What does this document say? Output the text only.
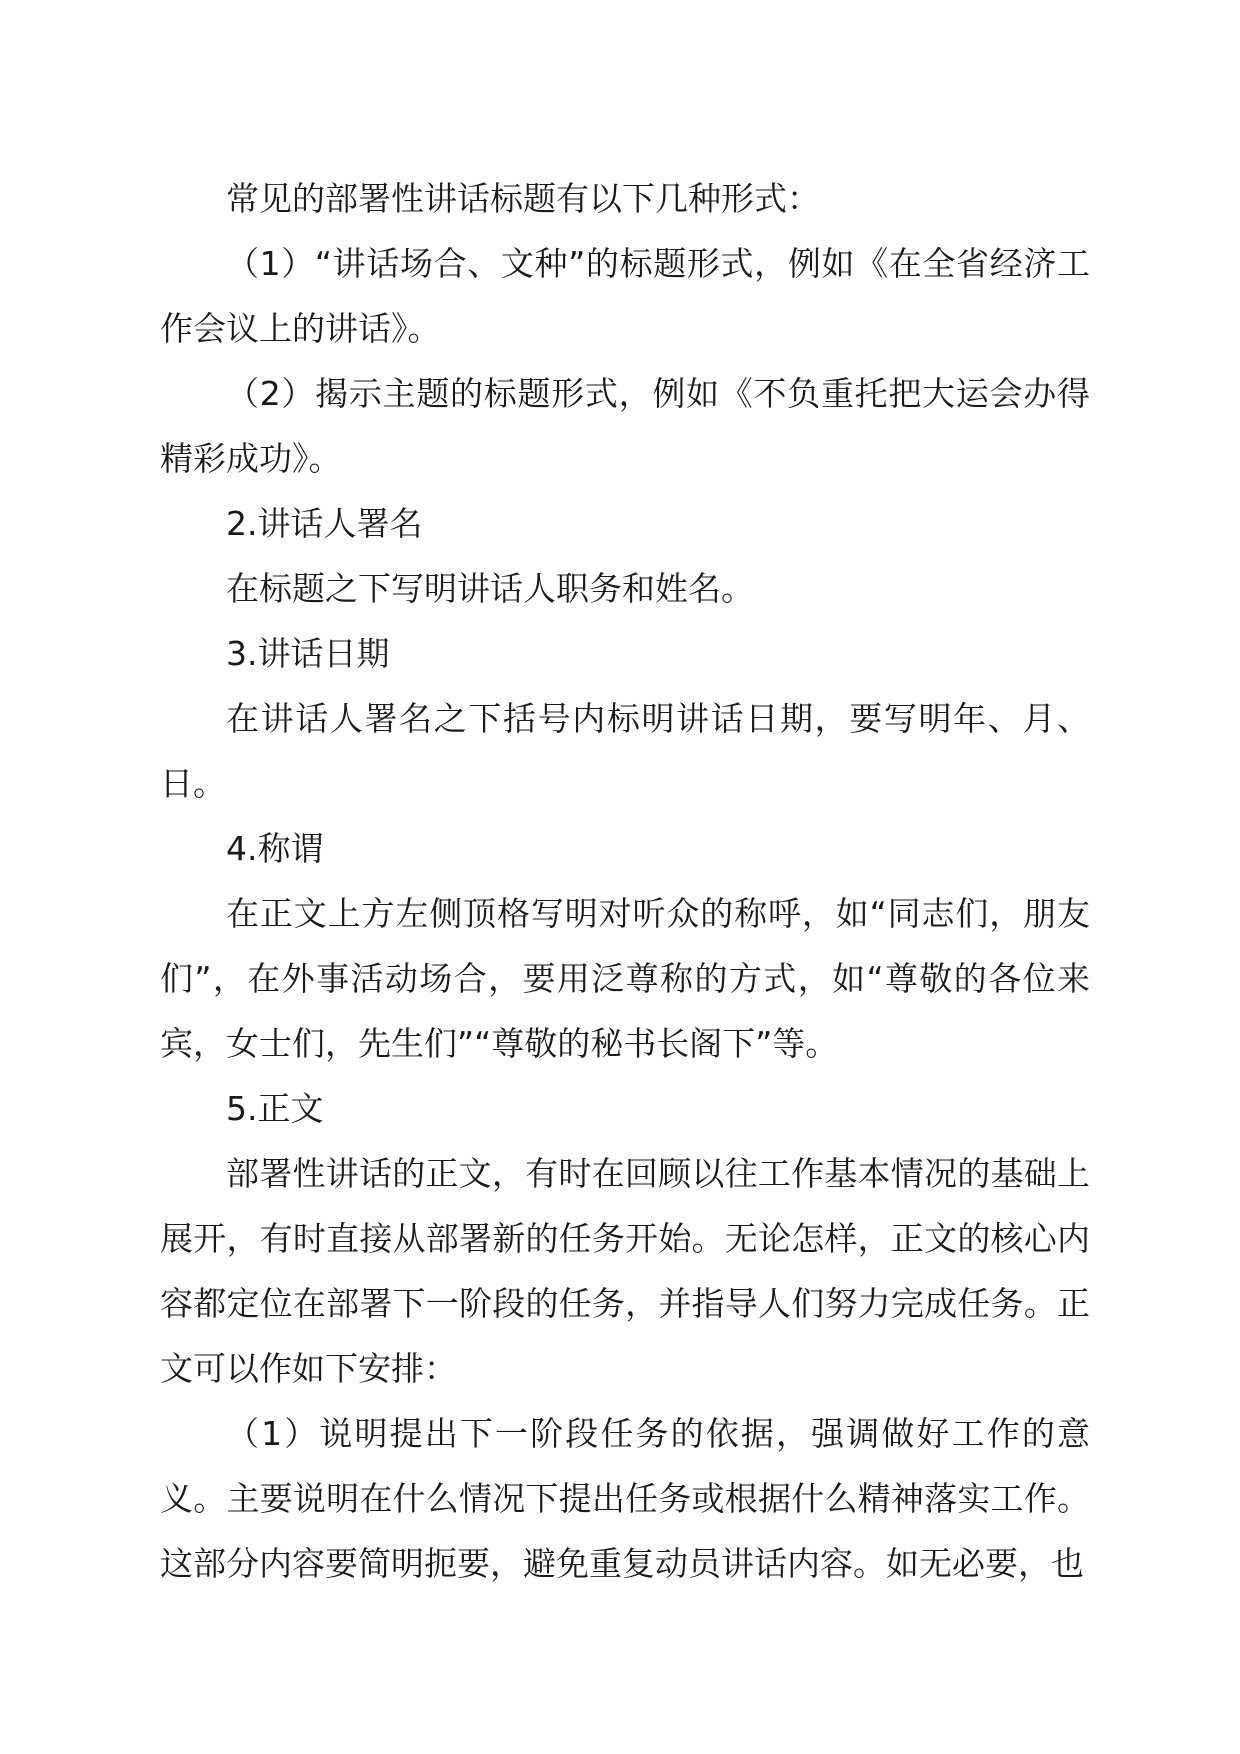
常见的部署性讲话标题有以下几种形式：

（1）“讲话场合、文种”的标题形式，例如《在全省经济工作会议上的讲话》。

（2）揭示主题的标题形式，例如《不负重托把大运会办得精彩成功》。

2.讲话人署名

在标题之下写明讲话人职务和姓名。

3.讲话日期

在讲话人署名之下括号内标明讲话日期，要写明年、月、日。

4.称谓

在正文上方左侧顶格写明对听众的称呼，如“同志们，朋友们”，在外事活动场合，要用泛尊称的方式，如“尊敬的各位来宾，女士们，先生们”“尊敬的秘书长阁下”等。

5.正文

部署性讲话的正文，有时在回顾以往工作基本情况的基础上展开，有时直接从部署新的任务开始。无论怎样，正文的核心内容都定位在部署下一阶段的任务，并指导人们努力完成任务。正文可以作如下安排：

（1）说明提出下一阶段任务的依据，强调做好工作的意义。主要说明在什么情况下提出任务或根据什么精神落实工作。这部分内容要简明扼要，避免重复动员讲话内容。如无必要，也
